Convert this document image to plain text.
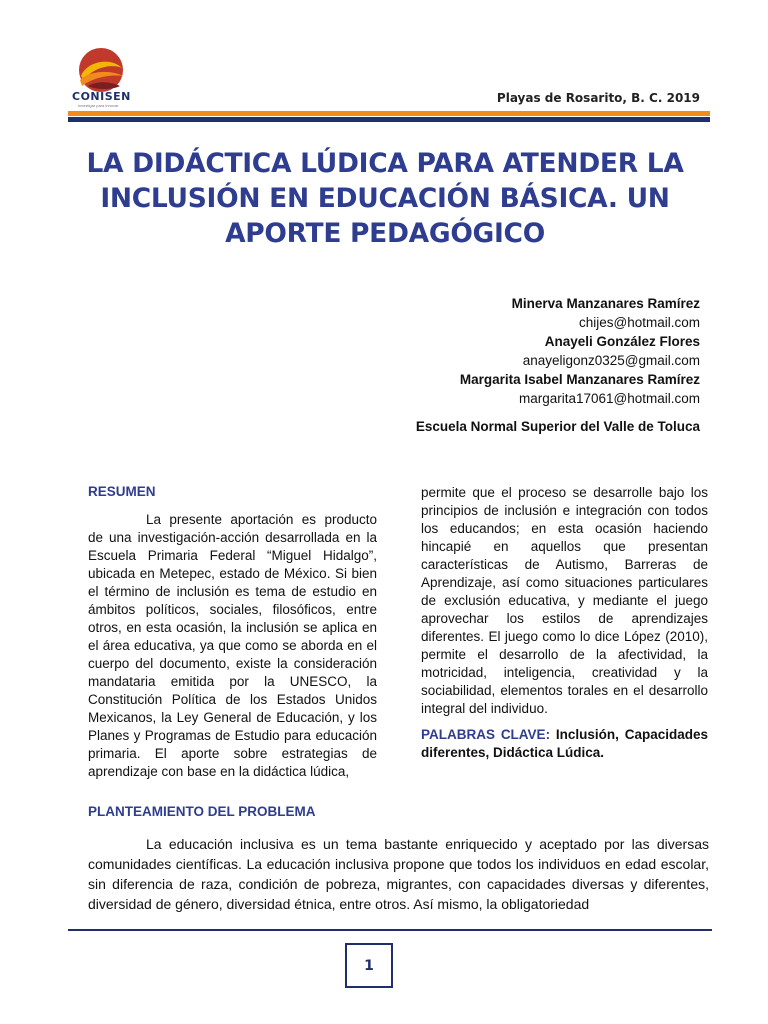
CONISEN
investigar para innovar
Playas de Rosarito, B. C. 2019
LA DIDÁCTICA LÚDICA PARA ATENDER LA
INCLUSIÓN EN EDUCACIÓN BÁSICA. UN
APORTE PEDAGÓGICO
Minerva Manzanares Ramírez
chijes@hotmail.com
Anayeli González Flores
anayeligonz0325@gmail.com
Margarita Isabel Manzanares Ramírez
margarita17061@hotmail.com
Escuela Normal Superior del Valle de Toluca

RESUMEN

La presente aportación es producto de una investigación-acción desarrollada en la Escuela Primaria Federal “Miguel Hidalgo”, ubicada en Metepec, estado de México. Si bien el término de inclusión es tema de estudio en ámbitos políticos, sociales, filosóficos, entre otros, en esta ocasión, la inclusión se aplica en el área educativa, ya que como se aborda en el cuerpo del documento, existe la consideración mandataria emitida por la UNESCO, la Constitución Política de los Estados Unidos Mexicanos, la Ley General de Educación, y los Planes y Programas de Estudio para educación primaria. El aporte sobre estrategias de aprendizaje con base en la didáctica lúdica,

permite que el proceso se desarrolle bajo los principios de inclusión e integración con todos los educandos; en esta ocasión haciendo hincapié en aquellos que presentan características de Autismo, Barreras de Aprendizaje, así como situaciones particulares de exclusión educativa, y mediante el juego aprovechar los estilos de aprendizajes diferentes. El juego como lo dice López (2010), permite el desarrollo de la afectividad, la motricidad, inteligencia, creatividad y la sociabilidad, elementos torales en el desarrollo integral del individuo.

PALABRAS CLAVE: Inclusión, Capacidades diferentes, Didáctica Lúdica.

PLANTEAMIENTO DEL PROBLEMA

La educación inclusiva es un tema bastante enriquecido y aceptado por las diversas comunidades científicas. La educación inclusiva propone que todos los individuos en edad escolar, sin diferencia de raza, condición de pobreza, migrantes, con capacidades diversas y diferentes, diversidad de género, diversidad étnica, entre otros. Así mismo, la obligatoriedad

1
